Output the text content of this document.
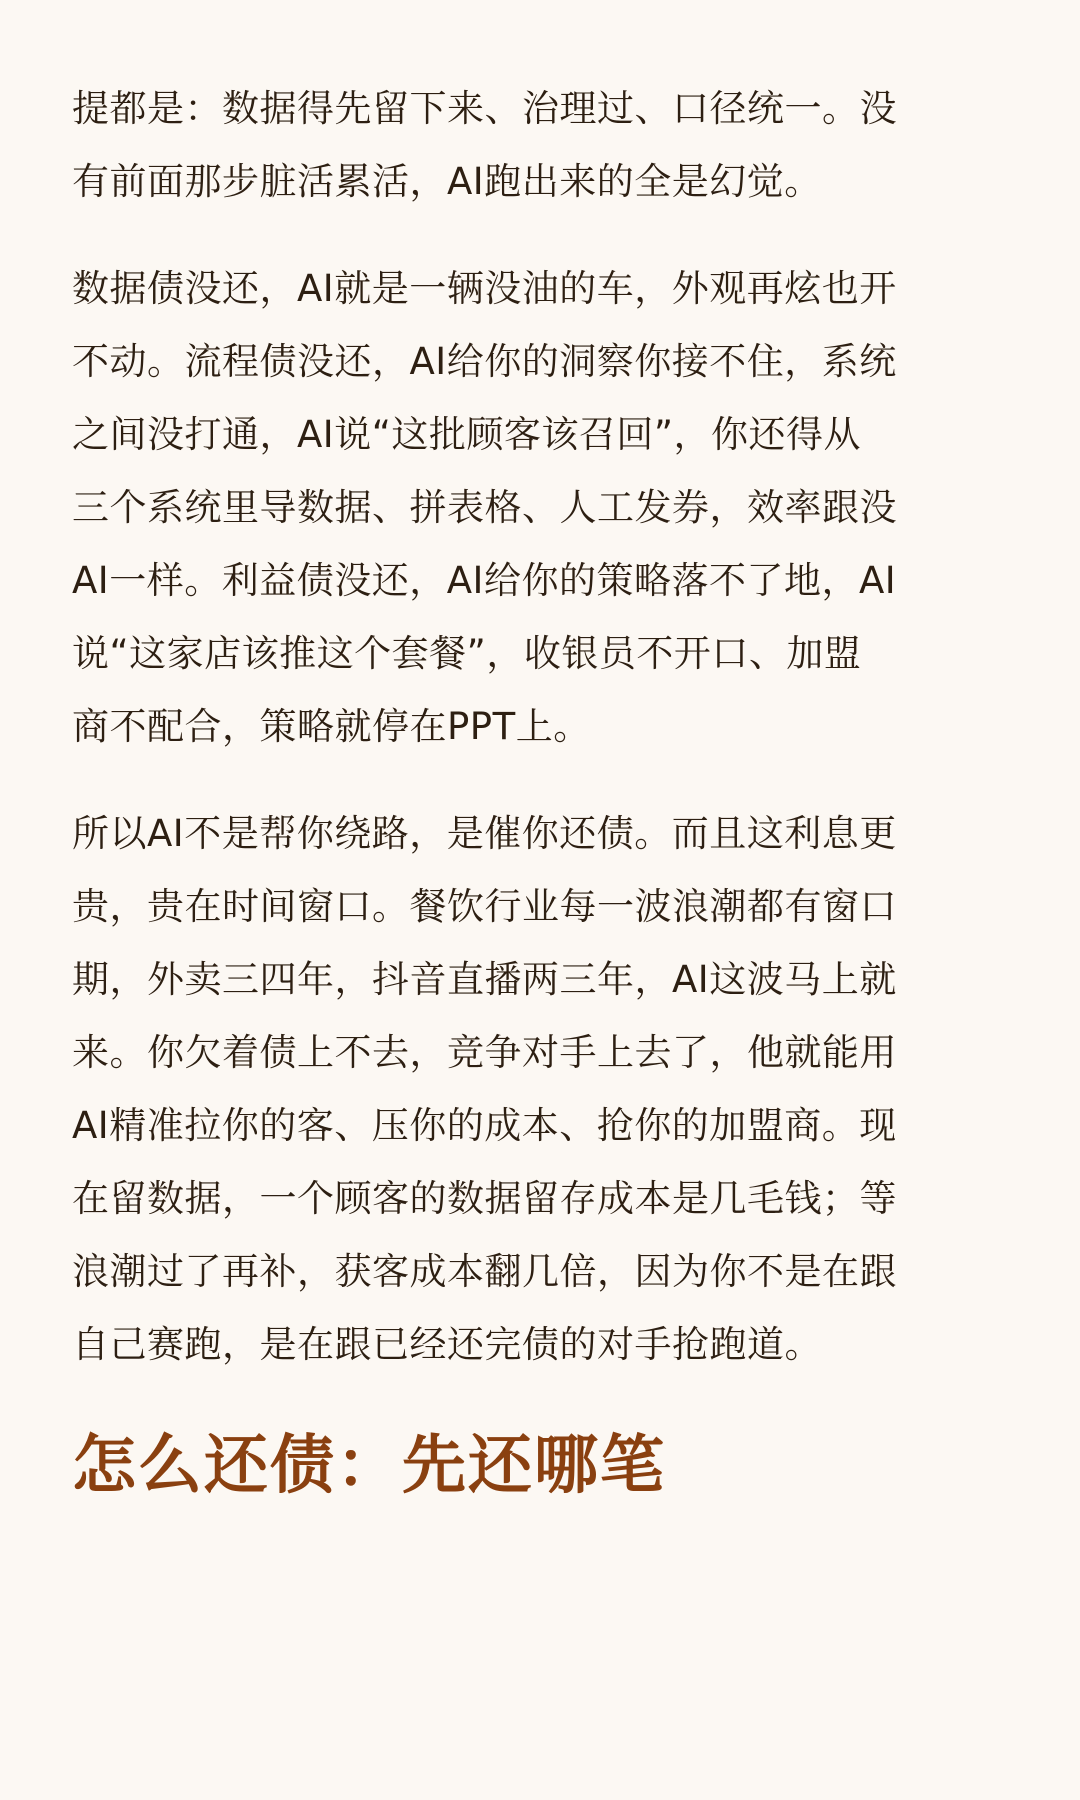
提都是：数据得先留下来、治理过、口径统一。没
有前面那步脏活累活，AI跑出来的全是幻觉。
数据债没还，AI就是一辆没油的车，外观再炫也开
不动。流程债没还，AI给你的洞察你接不住，系统
之间没打通，AI说“这批顾客该召回”，你还得从
三个系统里导数据、拼表格、人工发券，效率跟没
AI一样。利益债没还，AI给你的策略落不了地，AI
说“这家店该推这个套餐”，收银员不开口、加盟
商不配合，策略就停在PPT上。
所以AI不是帮你绕路，是催你还债。而且这利息更
贵，贵在时间窗口。餐饮行业每一波浪潮都有窗口
期，外卖三四年，抖音直播两三年，AI这波马上就
来。你欠着债上不去，竞争对手上去了，他就能用
AI精准拉你的客、压你的成本、抢你的加盟商。现
在留数据，一个顾客的数据留存成本是几毛钱；等
浪潮过了再补，获客成本翻几倍，因为你不是在跟
自己赛跑，是在跟已经还完债的对手抢跑道。
怎么还债：先还哪笔
